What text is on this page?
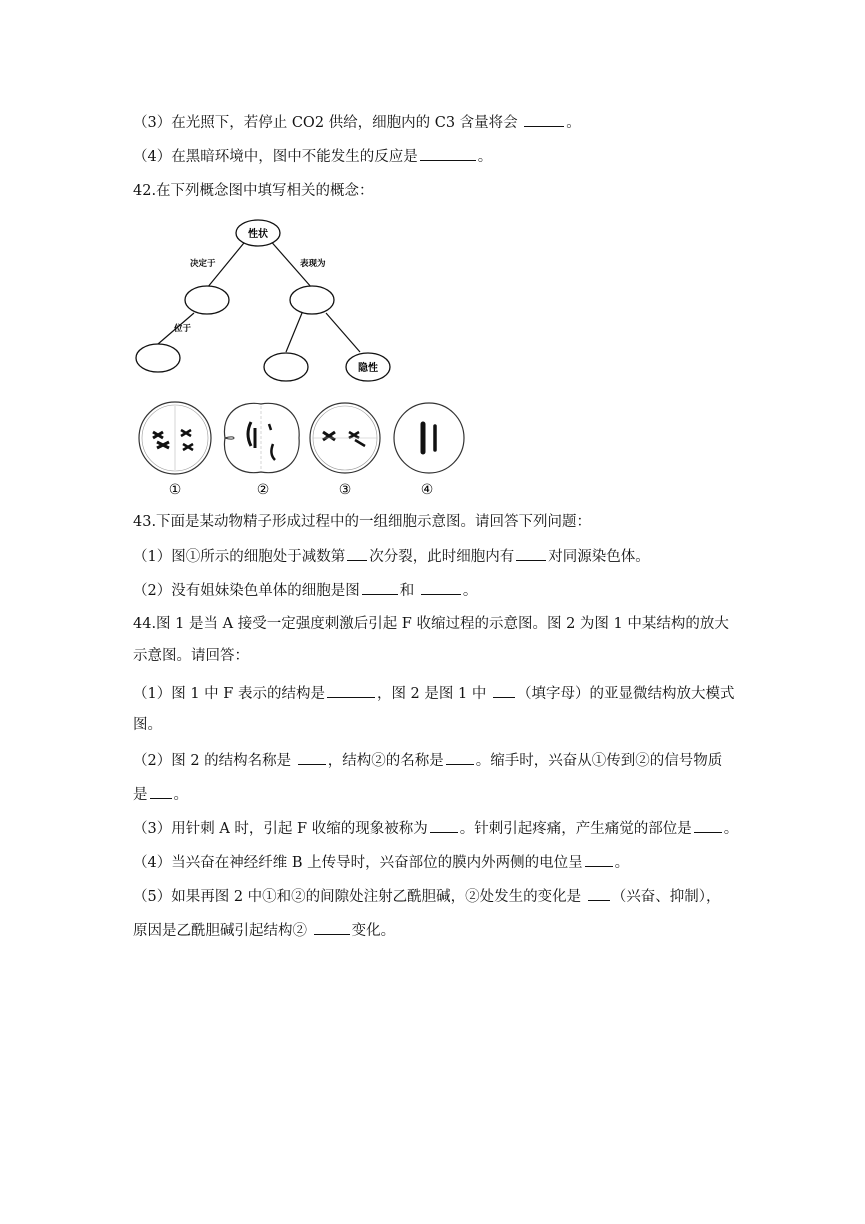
（3）在光照下，若停止 CO2 供给，细胞内的 C3 含量将会	。
（4）在黑暗环境中，图中不能发生的反应是	。
42.在下列概念图中填写相关的概念：
性状
决定于	表现为
位于
隐性
①	②	③	④
43.下面是某动物精子形成过程中的一组细胞示意图。请回答下列问题：
（1）图①所示的细胞处于减数第 次分裂，此时细胞内有 对同源染色体。
（2）没有姐妹染色单体的细胞是图	和	。
44.图 1 是当 A 接受一定强度刺激后引起 F 收缩过程的示意图。图 2 为图 1 中某结构的放大
示意图。请回答：
（1）图 1 中 F 表示的结构是	，图 2 是图 1 中 （填字母）的亚显微结构放大模式
图。
（2）图 2 的结构名称是 ，结构②的名称是 。缩手时，兴奋从①传到②的信号物质
是 。
（3）用针刺 A 时，引起 F 收缩的现象被称为 。针刺引起疼痛，产生痛觉的部位是 。
（4）当兴奋在神经纤维 B 上传导时，兴奋部位的膜内外两侧的电位呈 。
（5）如果再图 2 中①和②的间隙处注射乙酰胆碱，②处发生的变化是 （兴奋、抑制），
原因是乙酰胆碱引起结构②	变化。
